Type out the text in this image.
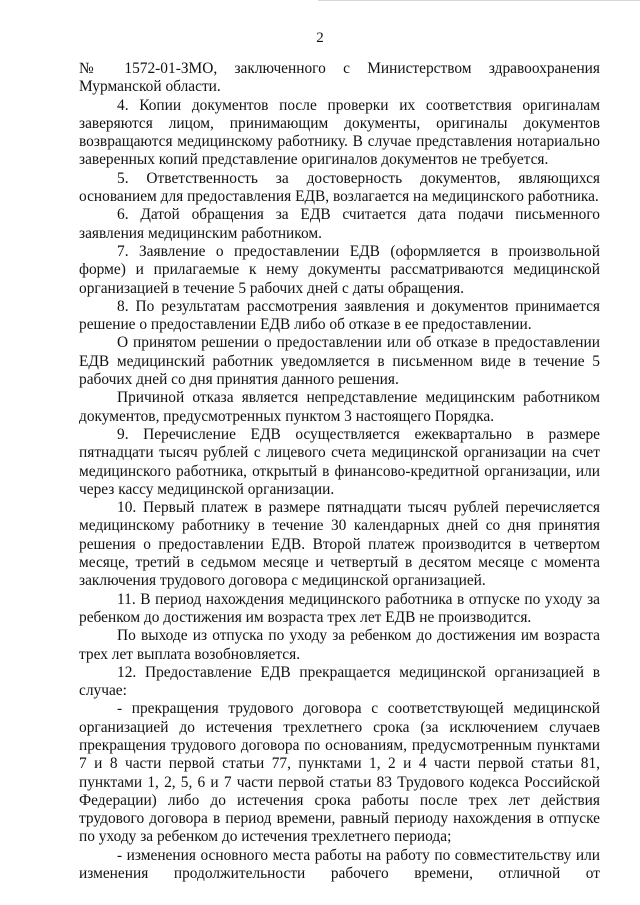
2

№ 1572-01-ЗМО, заключенного с Министерством здравоохранения Мурманской области.

4. Копии документов после проверки их соответствия оригиналам заверяются лицом, принимающим документы, оригиналы документов возвращаются медицинскому работнику. В случае представления нотариально заверенных копий представление оригиналов документов не требуется.

5. Ответственность за достоверность документов, являющихся основанием для предоставления ЕДВ, возлагается на медицинского работника.

6. Датой обращения за ЕДВ считается дата подачи письменного заявления медицинским работником.

7. Заявление о предоставлении ЕДВ (оформляется в произвольной форме) и прилагаемые к нему документы рассматриваются медицинской организацией в течение 5 рабочих дней с даты обращения.

8. По результатам рассмотрения заявления и документов принимается решение о предоставлении ЕДВ либо об отказе в ее предоставлении.

О принятом решении о предоставлении или об отказе в предоставлении ЕДВ медицинский работник уведомляется в письменном виде в течение 5 рабочих дней со дня принятия данного решения.

Причиной отказа является непредставление медицинским работником документов, предусмотренных пунктом 3 настоящего Порядка.

9. Перечисление ЕДВ осуществляется ежеквартально в размере пятнадцати тысяч рублей с лицевого счета медицинской организации на счет медицинского работника, открытый в финансово-кредитной организации, или через кассу медицинской организации.

10. Первый платеж в размере пятнадцати тысяч рублей перечисляется медицинскому работнику в течение 30 календарных дней со дня принятия решения о предоставлении ЕДВ. Второй платеж производится в четвертом месяце, третий в седьмом месяце и четвертый в десятом месяце с момента заключения трудового договора с медицинской организацией.

11. В период нахождения медицинского работника в отпуске по уходу за ребенком до достижения им возраста трех лет ЕДВ не производится.

По выходе из отпуска по уходу за ребенком до достижения им возраста трех лет выплата возобновляется.

12. Предоставление ЕДВ прекращается медицинской организацией в случае:

- прекращения трудового договора с соответствующей медицинской организацией до истечения трехлетнего срока (за исключением случаев прекращения трудового договора по основаниям, предусмотренным пунктами 7 и 8 части первой статьи 77, пунктами 1, 2 и 4 части первой статьи 81, пунктами 1, 2, 5, 6 и 7 части первой статьи 83 Трудового кодекса Российской Федерации) либо до истечения срока работы после трех лет действия трудового договора в период времени, равный периоду нахождения в отпуске по уходу за ребенком до истечения трехлетнего периода;

- изменения основного места работы на работу по совместительству или изменения продолжительности рабочего времени, отличной от
